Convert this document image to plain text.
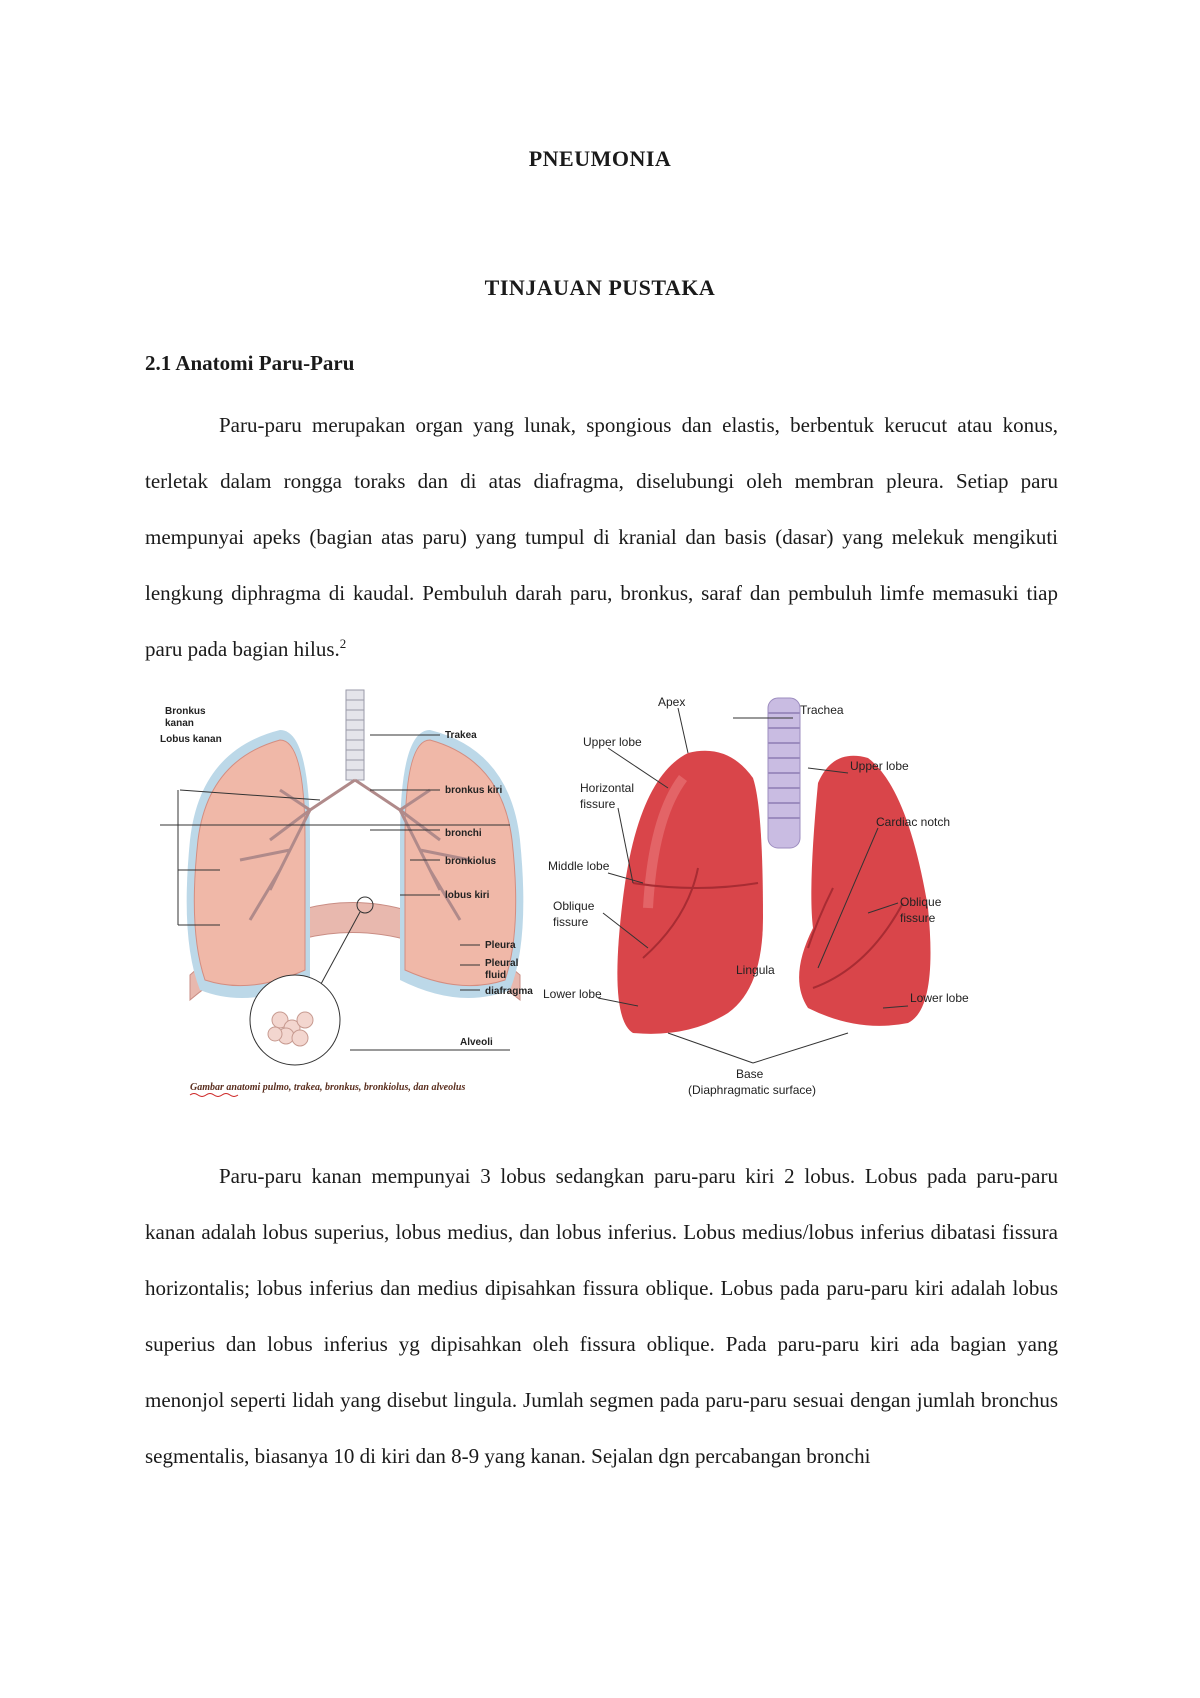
PNEUMONIA
TINJAUAN PUSTAKA
2.1 Anatomi Paru-Paru

Paru-paru merupakan organ yang lunak, spongious dan elastis, berbentuk kerucut atau konus, terletak dalam rongga toraks dan di atas diafragma, diselubungi oleh membran pleura. Setiap paru mempunyai apeks (bagian atas paru) yang tumpul di kranial dan basis (dasar) yang melekuk mengikuti lengkung diphragma di kaudal. Pembuluh darah paru, bronkus, saraf dan pembuluh limfe memasuki tiap paru pada bagian hilus.$^2$

Bronkus
kanan
Lobus kanan	Trakea
bronkus kiri
bronchi
bronkiolus
lobus kiri
Pleura
Pleural
fluid
diafragma
Alveoli
Gambar anatomi pulmo, trakea, bronkus, bronkiolus, dan alveolus
Apex
Trachea
Upper lobe
Upper lobe
Horizontal
fissure
Cardiac notch
Middle lobe
Oblique
fissure
Oblique
fissure
Lingula
Lower lobe	Lower lobe
Base
(Diaphragmatic surface)

Paru-paru kanan mempunyai 3 lobus sedangkan paru-paru kiri 2 lobus. Lobus pada paru-paru kanan adalah lobus superius, lobus medius, dan lobus inferius. Lobus medius/lobus inferius dibatasi fissura horizontalis; lobus inferius dan medius dipisahkan fissura oblique. Lobus pada paru-paru kiri adalah lobus superius dan lobus inferius yg dipisahkan oleh fissura oblique. Pada paru-paru kiri ada bagian yang menonjol seperti lidah yang disebut lingula. Jumlah segmen pada paru-paru sesuai dengan jumlah bronchus segmentalis, biasanya 10 di kiri dan 8-9 yang kanan. Sejalan dgn percabangan bronchi
